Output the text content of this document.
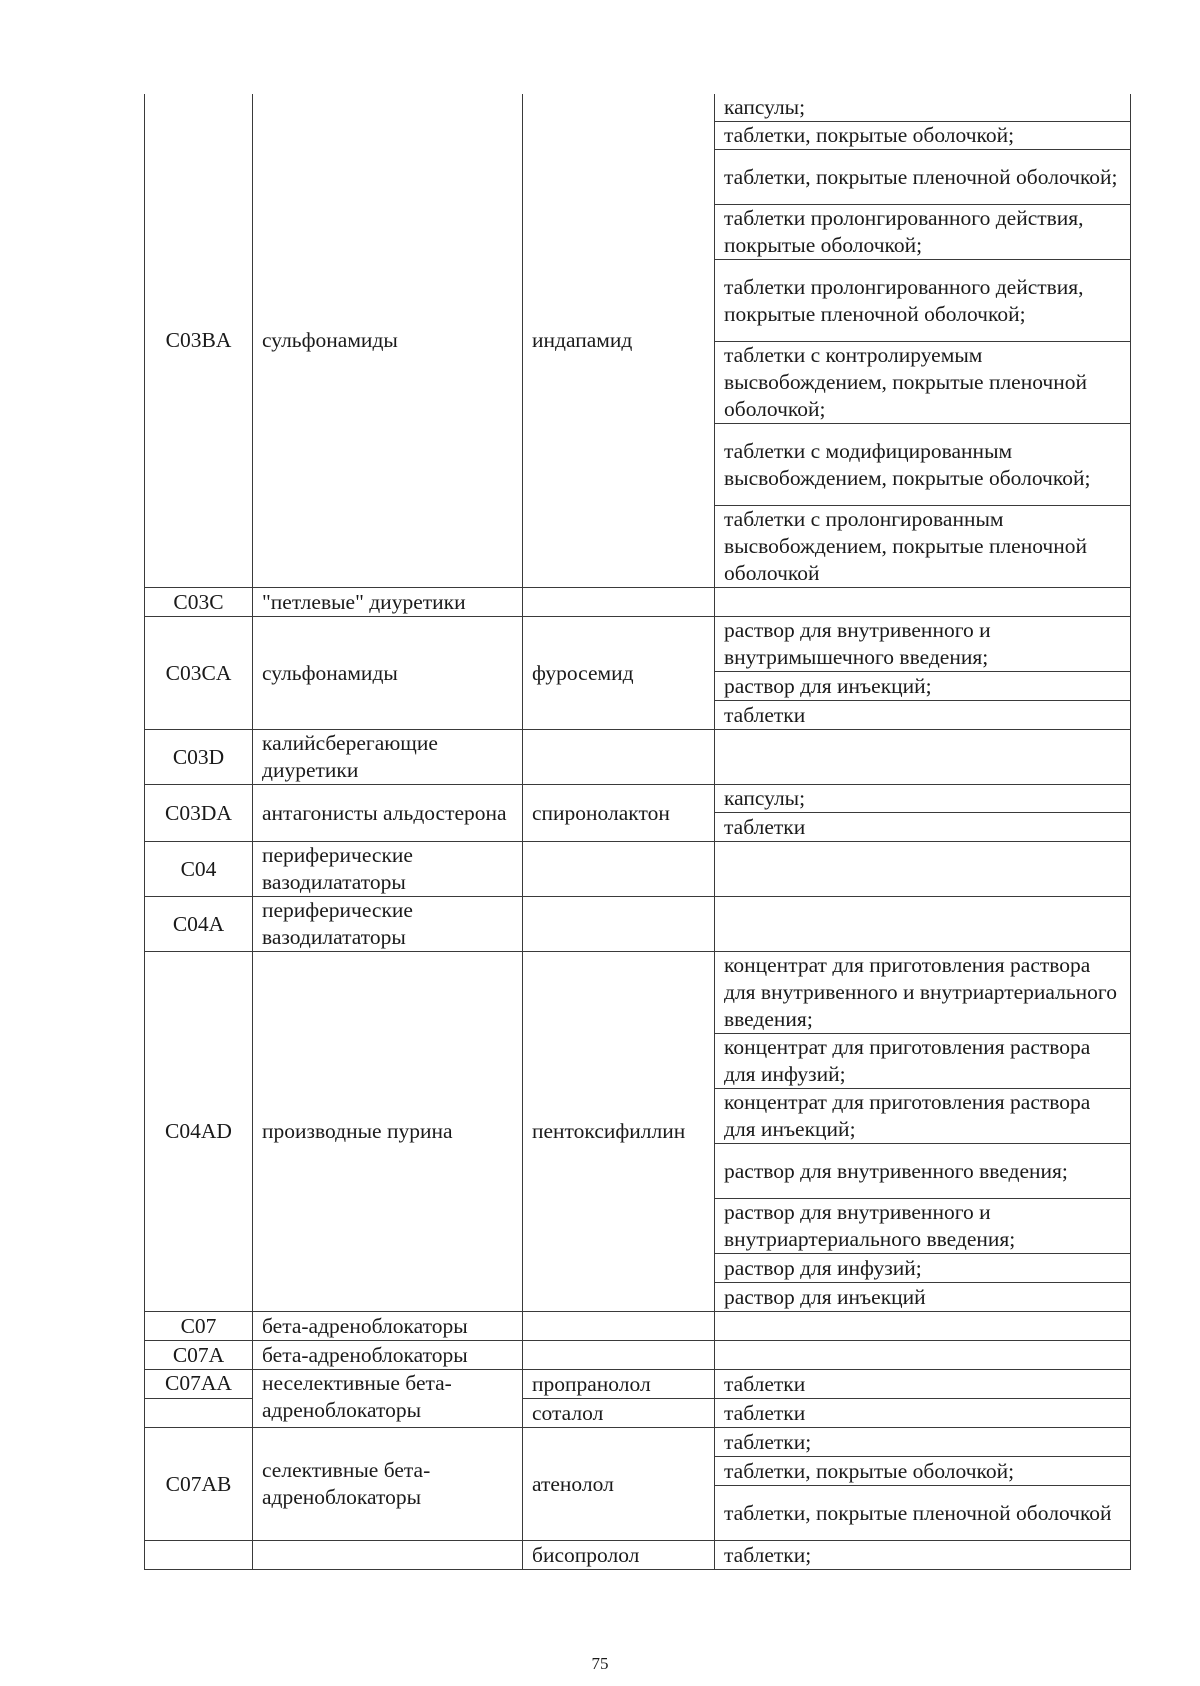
C03BA	сульфонамиды	индапамид	капсулы;
			таблетки, покрытые оболочкой;
			таблетки, покрытые пленочной оболочкой;
			таблетки пролонгированного действия, покрытые оболочкой;
			таблетки пролонгированного действия, покрытые пленочной оболочкой;
			таблетки с контролируемым высвобождением, покрытые пленочной оболочкой;
			таблетки с модифицированным высвобождением, покрытые оболочкой;
			таблетки с пролонгированным высвобождением, покрытые пленочной оболочкой
C03C	"петлевые" диуретики		
C03CA	сульфонамиды	фуросемид	раствор для внутривенного и внутримышечного введения;
			раствор для инъекций;
			таблетки
C03D	калийсберегающие диуретики		
C03DA	антагонисты альдостерона	спиронолактон	капсулы;
			таблетки
C04	периферические вазодилататоры		
C04A	периферические вазодилататоры		
C04AD	производные пурина	пентоксифиллин	концентрат для приготовления раствора для внутривенного и внутриартериального введения;
			концентрат для приготовления раствора для инфузий;
			концентрат для приготовления раствора для инъекций;
			раствор для внутривенного введения;
			раствор для внутривенного и внутриартериального введения;
			раствор для инфузий;
			раствор для инъекций
C07	бета-адреноблокаторы		
C07A	бета-адреноблокаторы		
C07AA	неселективные бета-адреноблокаторы	пропранолол	таблетки
		соталол	таблетки
C07AB	селективные бета-адреноблокаторы	атенолол	таблетки;
			таблетки, покрытые оболочкой;
			таблетки, покрытые пленочной оболочкой
		бисопролол	таблетки;
75
